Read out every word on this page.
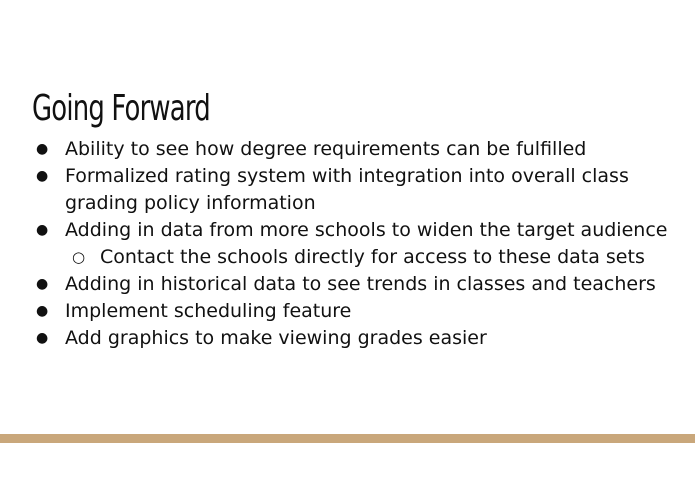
Going Forward
● Ability to see how degree requirements can be fulfilled
● Formalized rating system with integration into overall class
grading policy information
● Adding in data from more schools to widen the target audience
○ Contact the schools directly for access to these data sets
● Adding in historical data to see trends in classes and teachers
● Implement scheduling feature
● Add graphics to make viewing grades easier
